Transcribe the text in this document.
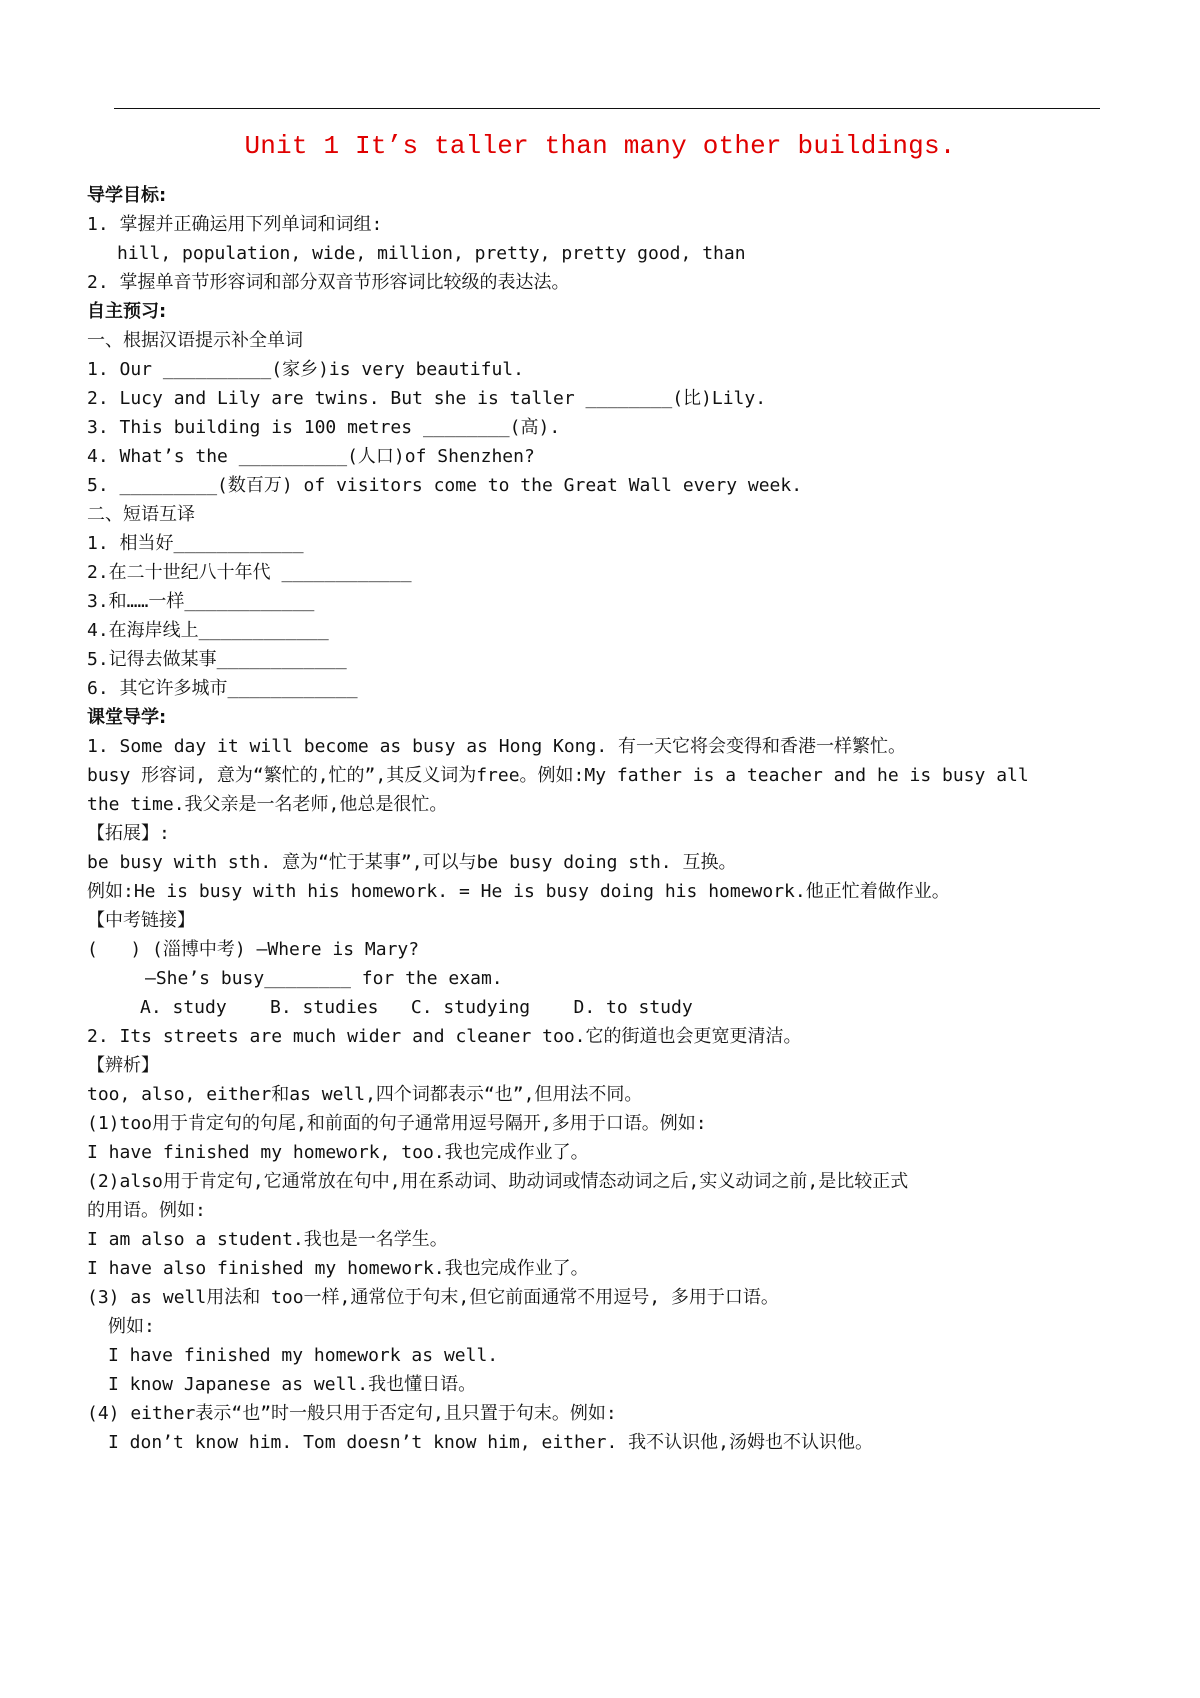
Unit 1 It’s taller than many other buildings.
导学目标:
1. 掌握并正确运用下列单词和词组:
hill, population, wide, million, pretty, pretty good, than
2. 掌握单音节形容词和部分双音节形容词比较级的表达法。
自主预习:
一、根据汉语提示补全单词
1. Our __________(家乡)is very beautiful.
2. Lucy and Lily are twins. But she is taller ________(比)Lily.
3. This building is 100 metres ________(高).
4. What’s the __________(人口)of Shenzhen?
5. _________(数百万) of visitors come to the Great Wall every week.
二、短语互译
1. 相当好____________
2.在二十世纪八十年代 ____________
3.和……一样____________
4.在海岸线上____________
5.记得去做某事____________
6. 其它许多城市____________
课堂导学:
1. Some day it will become as busy as Hong Kong. 有一天它将会变得和香港一样繁忙。
busy 形容词, 意为“繁忙的,忙的”,其反义词为free。例如:My father is a teacher and he is busy all
the time.我父亲是一名老师,他总是很忙。
【拓展】:
be busy with sth. 意为“忙于某事”,可以与be busy doing sth. 互换。
例如:He is busy with his homework. = He is busy doing his homework.他正忙着做作业。
【中考链接】
(   ) (淄博中考) –Where is Mary?
–She’s busy________ for the exam.
A. study    B. studies   C. studying    D. to study
2. Its streets are much wider and cleaner too.它的街道也会更宽更清洁。
【辨析】
too, also, either和as well,四个词都表示“也”,但用法不同。
(1)too用于肯定句的句尾,和前面的句子通常用逗号隔开,多用于口语。例如:
I have finished my homework, too.我也完成作业了。
(2)also用于肯定句,它通常放在句中,用在系动词、助动词或情态动词之后,实义动词之前,是比较正式
的用语。例如:
I am also a student.我也是一名学生。
I have also finished my homework.我也完成作业了。
(3) as well用法和 too一样,通常位于句末,但它前面通常不用逗号, 多用于口语。
例如:
I have finished my homework as well.
I know Japanese as well.我也懂日语。
(4) either表示“也”时一般只用于否定句,且只置于句末。例如:
I don’t know him. Tom doesn’t know him, either. 我不认识他,汤姆也不认识他。
